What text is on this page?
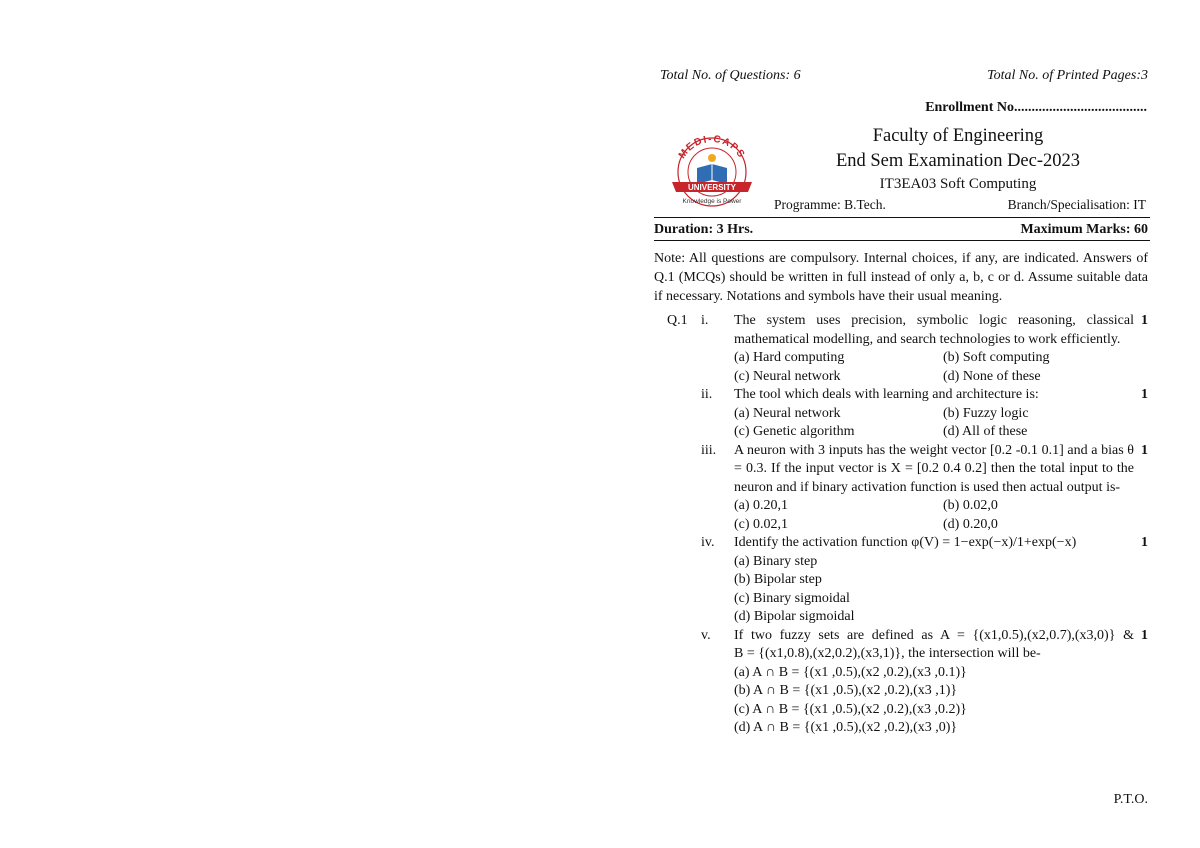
Total No. of Questions: 6	Total No. of Printed Pages:3
Enrollment No......................................
MEDI-CAPS
UNIVERSITY
Knowledge is Power
Faculty of Engineering
End Sem Examination Dec-2023
IT3EA03 Soft Computing
Programme: B.Tech.	Branch/Specialisation: IT
Duration: 3 Hrs.	Maximum Marks: 60
Note: All questions are compulsory. Internal choices, if any, are indicated. Answers of Q.1 (MCQs) should be written in full instead of only a, b, c or d. Assume suitable data if necessary. Notations and symbols have their usual meaning.
Q.1 i. The system uses precision, symbolic logic reasoning, classical 1
mathematical modelling, and search technologies to work efficiently.
(a) Hard computing	(b) Soft computing
(c) Neural network	(d) None of these
ii. The tool which deals with learning and architecture is:	1
(a) Neural network	(b) Fuzzy logic
(c) Genetic algorithm	(d) All of these
iii. A neuron with 3 inputs has the weight vector [0.2 -0.1 0.1] and a bias θ 1
= 0.3. If the input vector is X = [0.2 0.4 0.2] then the total input to the
neuron and if binary activation function is used then actual output is-
(a) 0.20,1	(b) 0.02,0
(c) 0.02,1	(d) 0.20,0
iv. Identify the activation function φ(V) = 1−exp(−x)/1+exp(−x)	1
(a) Binary step
(b) Bipolar step
(c) Binary sigmoidal
(d) Bipolar sigmoidal
v. If two fuzzy sets are defined as A = {(x1,0.5),(x2,0.7),(x3,0)} & 1
B = {(x1,0.8),(x2,0.2),(x3,1)}, the intersection will be-
(a) A ∩ B = {(x1 ,0.5),(x2 ,0.2),(x3 ,0.1)}
(b) A ∩ B = {(x1 ,0.5),(x2 ,0.2),(x3 ,1)}
(c) A ∩ B = {(x1 ,0.5),(x2 ,0.2),(x3 ,0.2)}
(d) A ∩ B = {(x1 ,0.5),(x2 ,0.2),(x3 ,0)}
P.T.O.
